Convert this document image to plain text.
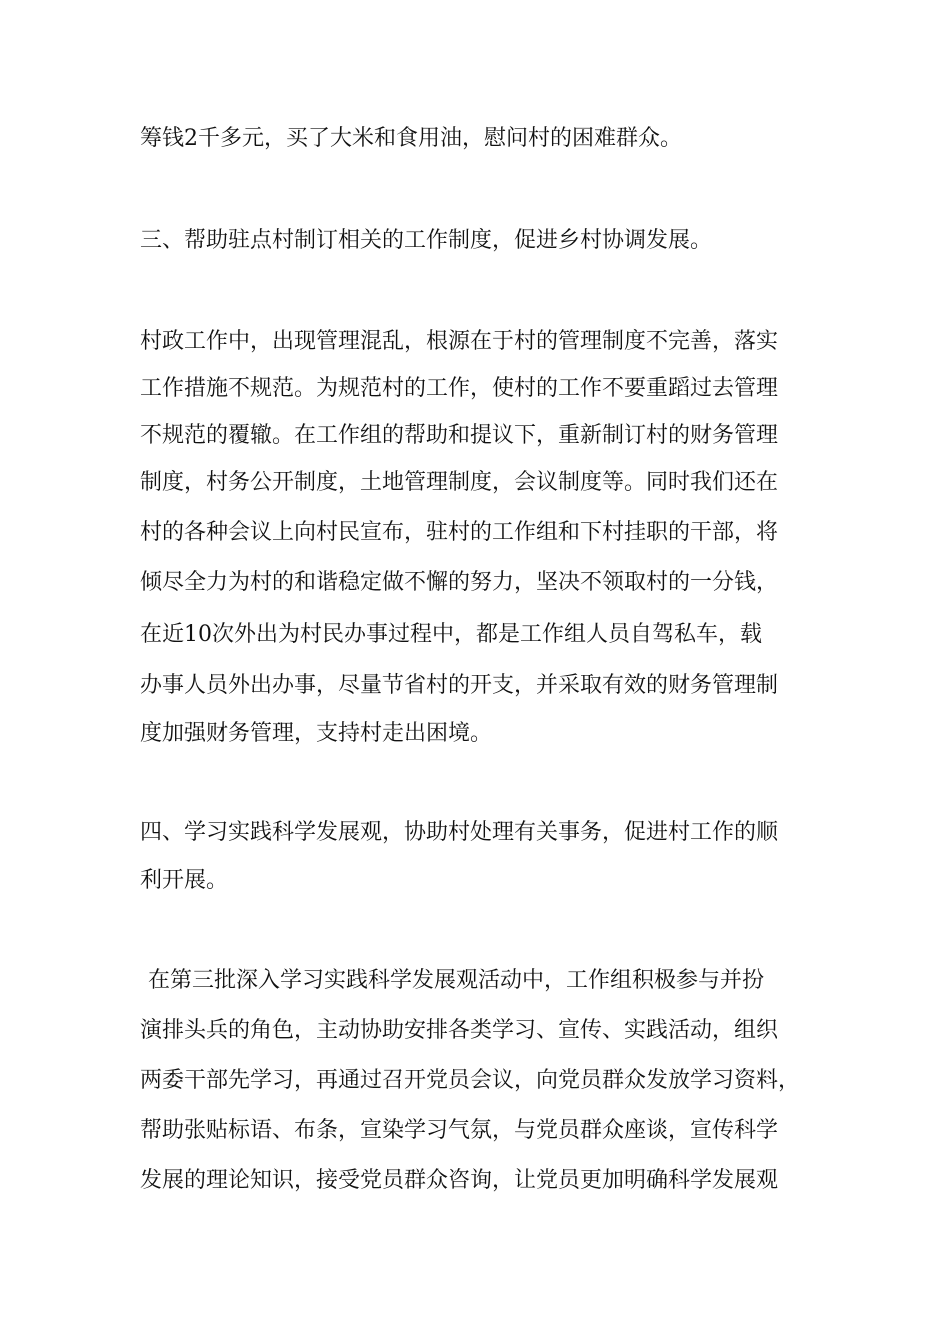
筹钱2千多元，买了大米和食用油，慰问村的困难群众。
三、帮助驻点村制订相关的工作制度，促进乡村协调发展。
村政工作中，出现管理混乱，根源在于村的管理制度不完善，落实
工作措施不规范。为规范村的工作，使村的工作不要重蹈过去管理
不规范的覆辙。在工作组的帮助和提议下，重新制订村的财务管理
制度，村务公开制度，土地管理制度，会议制度等。同时我们还在
村的各种会议上向村民宣布，驻村的工作组和下村挂职的干部，将
倾尽全力为村的和谐稳定做不懈的努力，坚决不领取村的一分钱，
在近10次外出为村民办事过程中，都是工作组人员自驾私车，载
办事人员外出办事，尽量节省村的开支，并采取有效的财务管理制
度加强财务管理，支持村走出困境。
四、学习实践科学发展观，协助村处理有关事务，促进村工作的顺
利开展。
在第三批深入学习实践科学发展观活动中，工作组积极参与并扮
演排头兵的角色，主动协助安排各类学习、宣传、实践活动，组织
两委干部先学习，再通过召开党员会议，向党员群众发放学习资料，
帮助张贴标语、布条，宣染学习气氛，与党员群众座谈，宣传科学
发展的理论知识，接受党员群众咨询，让党员更加明确科学发展观
